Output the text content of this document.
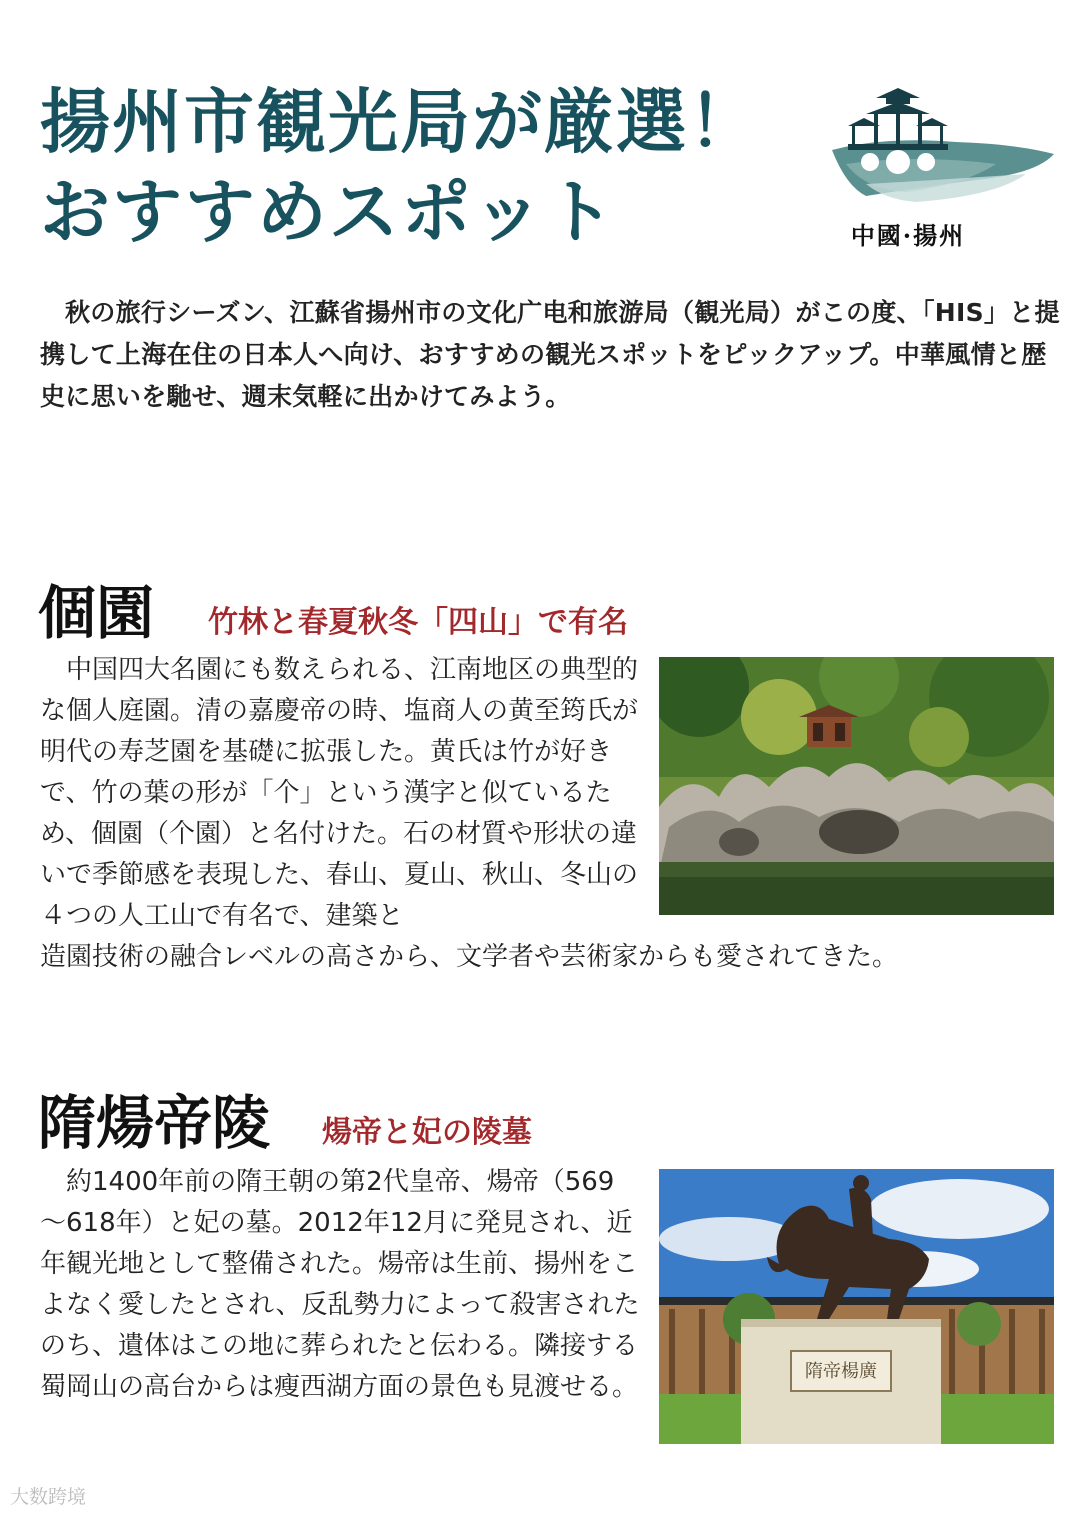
揚州市観光局が厳選！
おすすめスポット	中國·揚州

秋の旅行シーズン、江蘇省揚州市の文化广电和旅游局（観光局）がこの度、「HIS」と提携して上海在住の日本人へ向け、おすすめの観光スポットをピックアップ。中華風情と歴史に思いを馳せ、週末気軽に出かけてみよう。

個園 竹林と春夏秋冬「四山」で有名

中国四大名園にも数えられる、江南地区の典型的な個人庭園。清の嘉慶帝の時、塩商人の黄至筠氏が明代の寿芝園を基礎に拡張した。黄氏は竹が好きで、竹の葉の形が「个」という漢字と似ているため、個園（个園）と名付けた。石の材質や形状の違いで季節感を表現した、春山、夏山、秋山、冬山の４つの人工山で有名で、建築と

造園技術の融合レベルの高さから、文学者や芸術家からも愛されてきた。

隋煬帝陵 煬帝と妃の陵墓

約1400年前の隋王朝の第2代皇帝、煬帝（569～618年）と妃の墓。2012年12月に発見され、近年観光地として整備された。煬帝は生前、揚州をこよなく愛したとされ、反乱勢力によって殺害されたのち、遺体はこの地に葬られたと伝わる。隣接する蜀岡山の高台からは瘦西湖方面の景色も見渡せる。

隋帝楊廣
大数跨境
